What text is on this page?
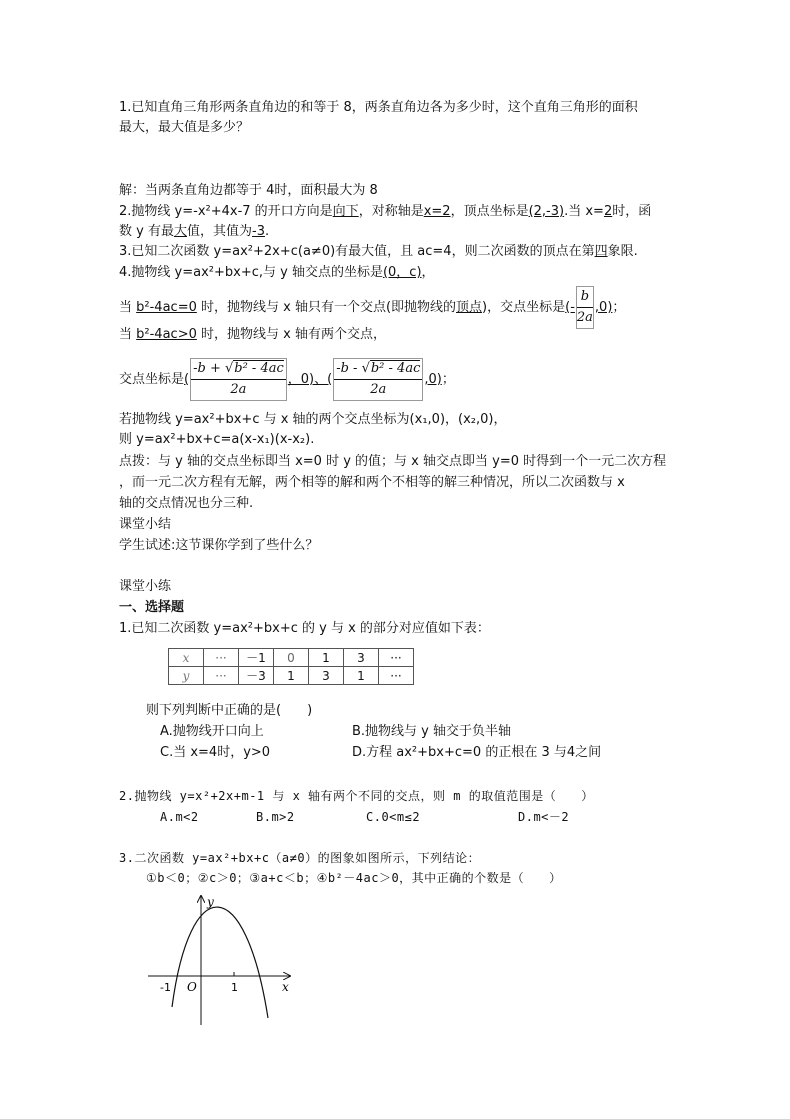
1.已知直角三角形两条直角边的和等于 8，两条直角边各为多少时，这个直角三角形的面积
最大，最大值是多少？
解：当两条直角边都等于 4时，面积最大为 8
2.抛物线 y=-x²+4x-7 的开口方向是向下，对称轴是x=2，顶点坐标是(2,-3).当 x=2时，函
数 y 有最大值，其值为-3.
3.已知二次函数 y=ax²+2x+c(a≠0)有最大值，且 ac=4，则二次函数的顶点在第四象限.
4.抛物线 y=ax²+bx+c,与 y 轴交点的坐标是(0，c)，
当 b²-4ac=0 时，抛物线与 x 轴只有一个交点(即抛物线的顶点)，交点坐标是(- $\frac{b}{2a} ,0$)；
当 b²-4ac>0 时，抛物线与 x 轴有两个交点，
交点坐标是( $\frac{\text{-b + √b² - 4ac}}{2a}$ ，0)、( $\frac{\text{-b - √b² - 4ac}}{2a} ,0$)；
若抛物线 y=ax²+bx+c 与 x 轴的两个交点坐标为(x₁,0)，(x₂,0)，
则 y=ax²+bx+c=a(x-x₁)(x-x₂).
点拨：与 y 轴的交点坐标即当 x=0 时 y 的值；与 x 轴交点即当 y=0 时得到一个一元二次方程
，而一元二次方程有无解，两个相等的解和两个不相等的解三种情况，所以二次函数与 x
轴的交点情况也分三种.
课堂小结
学生试述:这节课你学到了些什么？
课堂小练
一、选择题
1.已知二次函数 y=ax²+bx+c 的 y 与 x 的部分对应值如下表：
x	···	－1	0	1	3	···
y	···	－3	1	3	1	···
则下列判断中正确的是(　　)
A.抛物线开口向上	B.抛物线与 y 轴交于负半轴
C.当 x=4时，y>0	D.方程 ax²+bx+c=0 的正根在 3 与4之间
2.抛物线 y=x²+2x+m-1 与 x 轴有两个不同的交点，则 m 的取值范围是（　　）
A.m<2	B.m>2	C.0<m≤2	D.m<－2
3.二次函数 y=ax²+bx+c（a≠0）的图象如图所示，下列结论：
①b＜0；②c＞0；③a+c＜b；④b²－4ac＞0，其中正确的个数是（　　）
y
x
O
-1	1
